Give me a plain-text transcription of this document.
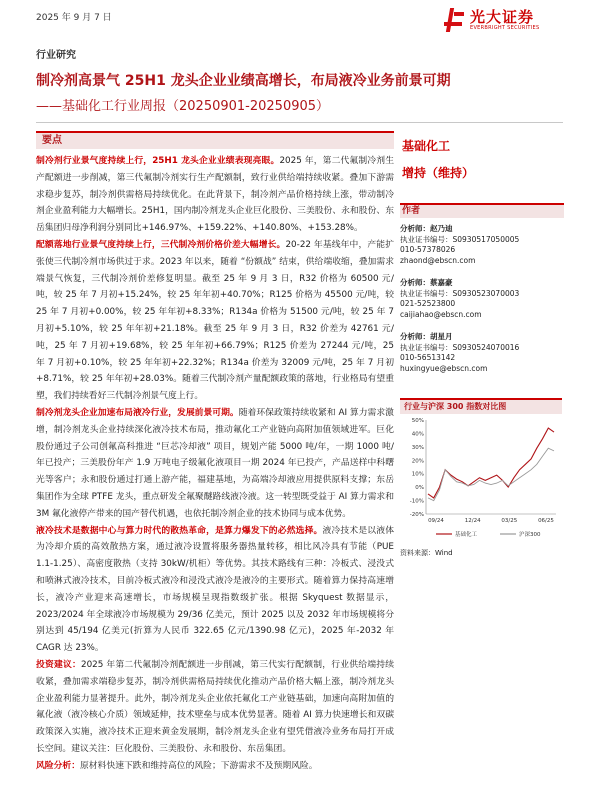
2025 年 9 月 7 日	光大证券
EVERBRIGHT SECURITIES
行业研究
制冷剂高景气 25H1 龙头企业业绩高增长，布局液冷业务前景可期
——基础化工行业周报（20250901-20250905）
要点

制冷剂行业景气度持续上行，25H1 龙头企业业绩表现亮眼。2025 年，第二代氟制冷剂生产配额进一步削减，第三代氟制冷剂实行生产配额制，致行业供给端持续收紧。叠加下游需求稳步复苏，制冷剂供需格局持续优化。在此背景下，制冷剂产品价格持续上涨，带动制冷剂企业盈利能力大幅增长。25H1，国内制冷剂龙头企业巨化股份、三美股份、永和股份、东岳集团归母净利润分别同比+146.97%、+159.22%、+140.80%、+153.28%。

配额落地行业景气度持续上行，三代制冷剂价格价差大幅增长。20-22 年基线年中，产能扩张使三代制冷剂市场供过于求。2023 年以来，随着 “份额战” 结束，供给端收缩，叠加需求端景气恢复，三代制冷剂价差修复明显。截至 25 年 9 月 3 日，R32 价格为 60500 元/吨，较 25 年 7 月初+15.24%，较 25 年年初+40.70%；R125 价格为 45500 元/吨，较 25 年 7 月初+0.00%，较 25 年年初+8.33%；R134a 价格为 51500 元/吨，较 25 年 7 月初+5.10%，较 25 年年初+21.18%。截至 25 年 9 月 3 日，R32 价差为 42761 元/吨，25 年 7 月初+19.68%，较 25 年年初+66.79%；R125 价差为 27244 元/吨，25 年 7 月初+0.10%，较 25 年年初+22.32%；R134a 价差为 32009 元/吨，25 年 7 月初+8.71%，较 25 年年初+28.03%。随着三代制冷剂产量配额政策的落地，行业格局有望重塑，我们持续看好三代制冷剂景气度上行。

制冷剂龙头企业加速布局液冷行业，发展前景可期。随着环保政策持续收紧和 AI 算力需求激增，制冷剂龙头企业持续深化液冷技术布局，推动氟化工产业链向高附加值领域进军。巨化股份通过子公司创氟高科推进 “巨芯冷却液” 项目，规划产能 5000 吨/年，一期 1000 吨/年已投产；三美股份年产 1.9 万吨电子级氟化液项目一期 2024 年已投产，产品送样中科曙光等客户；永和股份通过打通上游产能，福建基地，为高端冷却液应用提供原料支撑；东岳集团作为全球 PTFE 龙头，重点研发全氟聚醚路线液冷液。这一转型既受益于 AI 算力需求和 3M 氟化液停产带来的国产替代机遇，也依托制冷剂企业的技术协同与成本优势。

液冷技术是数据中心与算力时代的散热革命，是算力爆发下的必然选择。液冷技术是以液体为冷却介质的高效散热方案，通过液冷设置将服务器热量转移，相比风冷具有节能（PUE 1.1-1.25）、高密度散热（支持 30kW/机柜）等优势。其技术路线有三种：冷板式、浸没式和喷淋式液冷技术，目前冷板式液冷和浸没式液冷是液冷的主要形式。随着算力保持高速增长，液冷产业迎来高速增长，市场规模呈现指数级扩张。根据 Skyquest 数据显示，2023/2024 年全球液冷市场规模为 29/36 亿美元，预计 2025 以及 2032 年市场规模将分别达到 45/194 亿美元(折算为人民币 322.65 亿元/1390.98 亿元)，2025 年-2032 年 CAGR 达 23%。

投资建议：2025 年第二代氟制冷剂配额进一步削减，第三代实行配额制，行业供给端持续收紧，叠加需求端稳步复苏，制冷剂供需格局持续优化推动产品价格大幅上涨，制冷剂龙头企业盈利能力显著提升。此外，制冷剂龙头企业依托氟化工产业链基础，加速向高附加值的氟化液（液冷核心介质）领域延伸，技术壁垒与成本优势显著。随着 AI 算力快速增长和双碳政策深入实施，液冷技术正迎来黄金发展期，制冷剂龙头企业有望凭借液冷业务布局打开成长空间。建议关注：巨化股份、三美股份、永和股份、东岳集团。

风险分析：原材料快速下跌和维持高位的风险；下游需求不及预期风险。

基础化工
增持（维持）
作者
分析师：赵乃迪
执业证书编号：S0930517050005
010-57378026
zhaond@ebscn.com
分析师：蔡嘉豪
执业证书编号：S0930523070003
021-52523800
caijiahao@ebscn.com
分析师：胡星月
执业证书编号：S0930524070016
010-56513142
huxingyue@ebscn.com
行业与沪深 300 指数对比图
-20%
-10%
0%
10%
20%
30%
40%
50%
09/24	12/24	03/25	06/25
基础化工	沪深300
资料来源：Wind
